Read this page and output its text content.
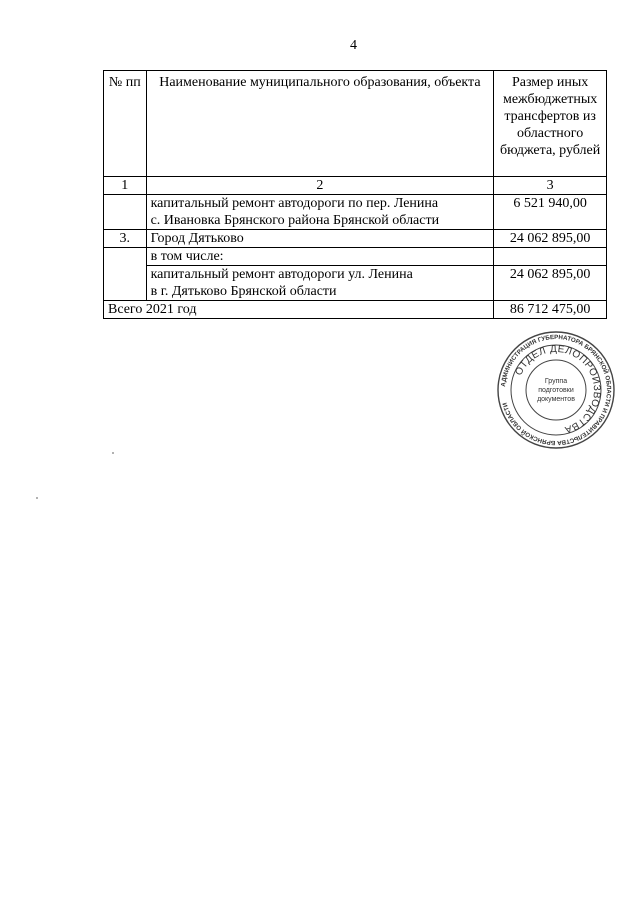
4
№ пп	Наименование муниципального образования, объекта	Размер иных межбюджетных трансфертов из областного бюджета, рублей
1	2	3

	капитальный ремонт автодороги по пер. Ленина
с. Ивановка Брянского района Брянской области	6 521 940,00
3.	Город Дятьково	24 062 895,00
	в том числе:	

	капитальный ремонт автодороги ул. Ленина
в г. Дятьково Брянской области	24 062 895,00
Всего 2021 год		86 712 475,00
АДМИНИСТРАЦИЯ ГУБЕРНАТОРА БРЯНСКОЙ ОБЛАСТИ И ПРАВИТЕЛЬСТВА БРЯНСКОЙ ОБЛАСТИ
ОТДЕЛ ДЕЛОПРОИЗВОДСТВА
Группа
подготовки
документов
